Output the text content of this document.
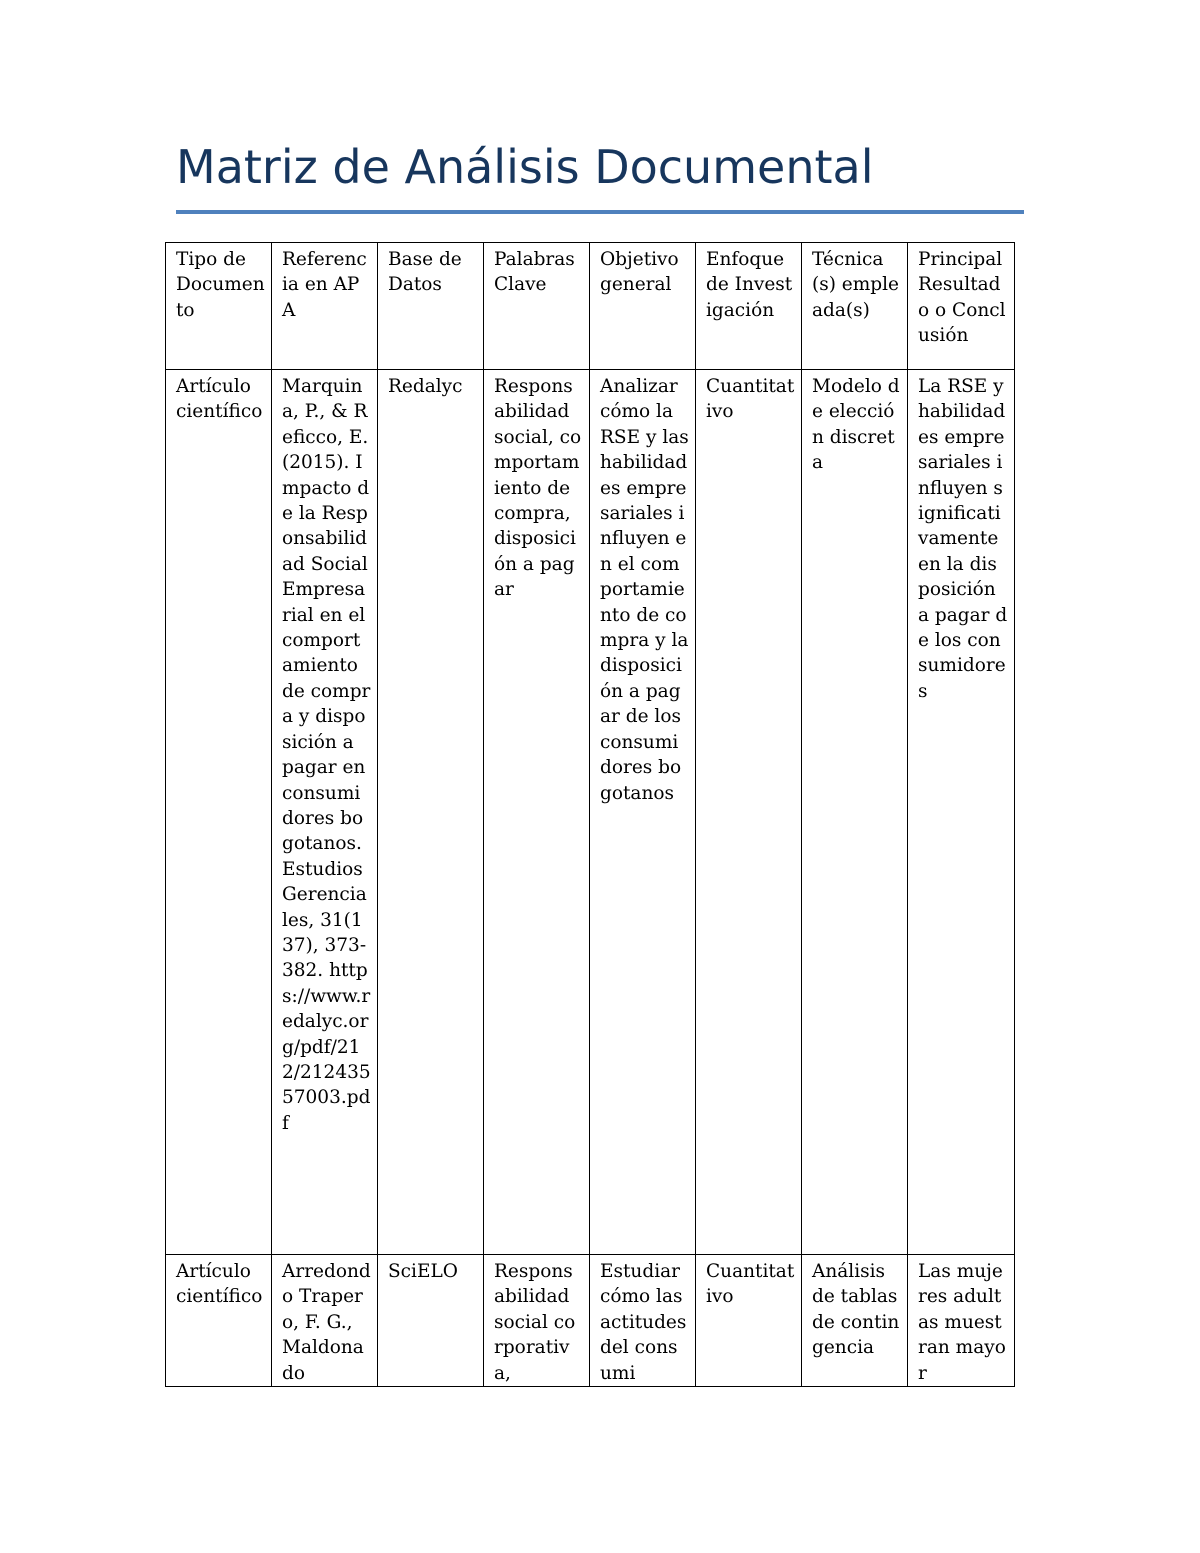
Matriz de Análisis Documental
Tipo de Documento	Referencia en APA	Base de Datos	Palabras Clave	Objetivo general	Enfoque de Investigación	Técnica(s) empleada(s)	Principal Resultado o Conclusión

Artículo científico	Marquina, P., & Reficco, E. (2015). Impacto de la Responsabilidad Social Empresarial en el comportamiento de compra y disposición a pagar en consumidores bogotanos. Estudios Gerenciales, 31(137), 373-382. https://www.redalyc.org/pdf/212/21243557003.pdf	Redalyc	Responsabilidad social, comportamiento de compra, disposición a pagar	Analizar cómo la RSE y las habilidades empresariales influyen en el comportamiento de compra y la disposición a pagar de los consumidores bogotanos	Cuantitativo	Modelo de elección discreta	La RSE y habilidades empresariales influyen significativamente en la disposición a pagar de los consumidores

Artículo científico	Arredondo Trapero, F. G., Maldonado	SciELO	Responsabilidad social corporativa,	Estudiar cómo las actitudes del consumi	Cuantitativo	Análisis de tablas de contingencia	Las mujeres adultas muestran mayor
